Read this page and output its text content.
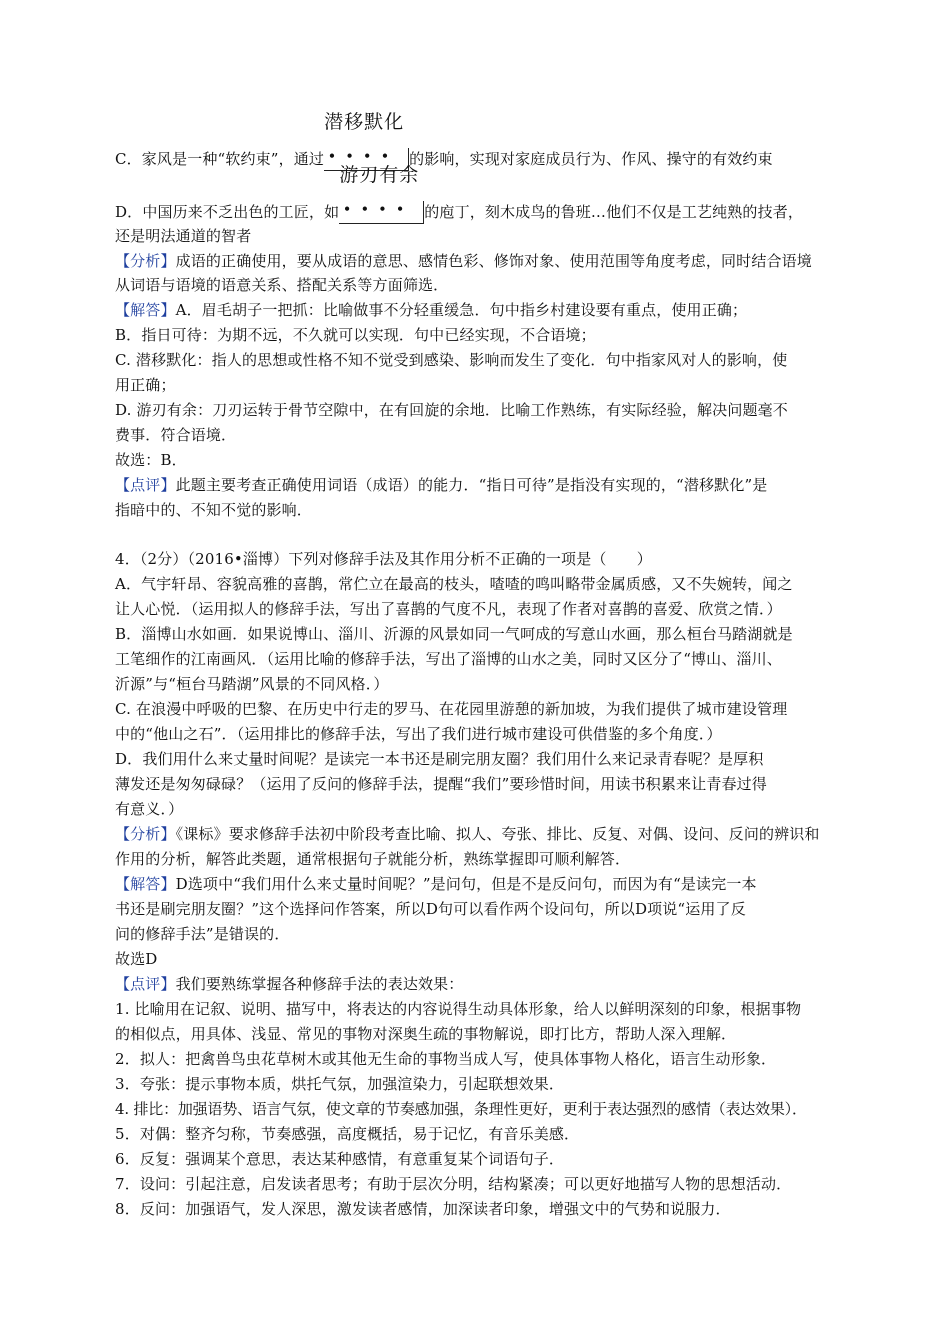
C．家风是一种“软约束”，通过
潜移默化
•••• 的影响，实现对家庭成员行为、作风、操守的有效约束
D．中国历来不乏出色的工匠，如
游刃有余
•••• 的庖丁，刻木成鸟的鲁班…他们不仅是工艺纯熟的技者，
还是明法通道的智者
【分析】成语的正确使用，要从成语的意思、感情色彩、修饰对象、使用范围等角度考虑，同时结合语境
从词语与语境的语意关系、搭配关系等方面筛选．
【解答】A．眉毛胡子一把抓：比喻做事不分轻重缓急．句中指乡村建设要有重点，使用正确；
B．指日可待：为期不远，不久就可以实现．句中已经实现，不合语境；
C. 潜移默化：指人的思想或性格不知不觉受到感染、影响而发生了变化．句中指家风对人的影响，使
用正确；
D. 游刃有余：刀刃运转于骨节空隙中，在有回旋的余地．比喻工作熟练，有实际经验，解决问题毫不
费事．符合语境．
故选：B．
【点评】此题主要考查正确使用词语（成语）的能力．“指日可待”是指没有实现的，“潜移默化”是
指暗中的、不知不觉的影响．
4．（2分）（2016•淄博）下列对修辞手法及其作用分析不正确的一项是（　　）
A．气宇轩昂、容貌高雅的喜鹊，常伫立在最高的枝头，喳喳的鸣叫略带金属质感，又不失婉转，闻之
让人心悦．（运用拟人的修辞手法，写出了喜鹊的气度不凡，表现了作者对喜鹊的喜爱、欣赏之情．）
B．淄博山水如画．如果说博山、淄川、沂源的风景如同一气呵成的写意山水画，那么桓台马踏湖就是
工笔细作的江南画风．（运用比喻的修辞手法，写出了淄博的山水之美，同时又区分了“博山、淄川、
沂源”与“桓台马踏湖”风景的不同风格．）
C. 在浪漫中呼吸的巴黎、在历史中行走的罗马、在花园里游憩的新加坡，为我们提供了城市建设管理
中的“他山之石”．（运用排比的修辞手法，写出了我们进行城市建设可供借鉴的多个角度．）
D．我们用什么来丈量时间呢？是读完一本书还是刷完朋友圈？我们用什么来记录青春呢？是厚积
薄发还是匆匆碌碌？（运用了反问的修辞手法，提醒“我们”要珍惜时间，用读书积累来让青春过得
有意义．）
【分析】《课标》要求修辞手法初中阶段考查比喻、拟人、夸张、排比、反复、对偶、设问、反问的辨识和
作用的分析，解答此类题，通常根据句子就能分析，熟练掌握即可顺利解答．
【解答】D选项中“我们用什么来丈量时间呢？”是问句，但是不是反问句，而因为有“是读完一本
书还是刷完朋友圈？”这个选择问作答案，所以D句可以看作两个设问句，所以D项说“运用了反
问的修辞手法”是错误的．
故选D
【点评】我们要熟练掌握各种修辞手法的表达效果：
1. 比喻用在记叙、说明、描写中，将表达的内容说得生动具体形象，给人以鲜明深刻的印象，根据事物
的相似点，用具体、浅显、常见的事物对深奥生疏的事物解说，即打比方，帮助人深入理解．
2．拟人：把禽兽鸟虫花草树木或其他无生命的事物当成人写，使具体事物人格化，语言生动形象．
3．夸张：提示事物本质，烘托气氛，加强渲染力，引起联想效果．
4. 排比：加强语势、语言气氛，使文章的节奏感加强，条理性更好，更利于表达强烈的感情（表达效果）．
5．对偶：整齐匀称，节奏感强，高度概括，易于记忆，有音乐美感．
6．反复：强调某个意思，表达某种感情，有意重复某个词语句子．
7．设问：引起注意，启发读者思考；有助于层次分明，结构紧凑；可以更好地描写人物的思想活动．
8．反问：加强语气，发人深思，激发读者感情，加深读者印象，增强文中的气势和说服力．
